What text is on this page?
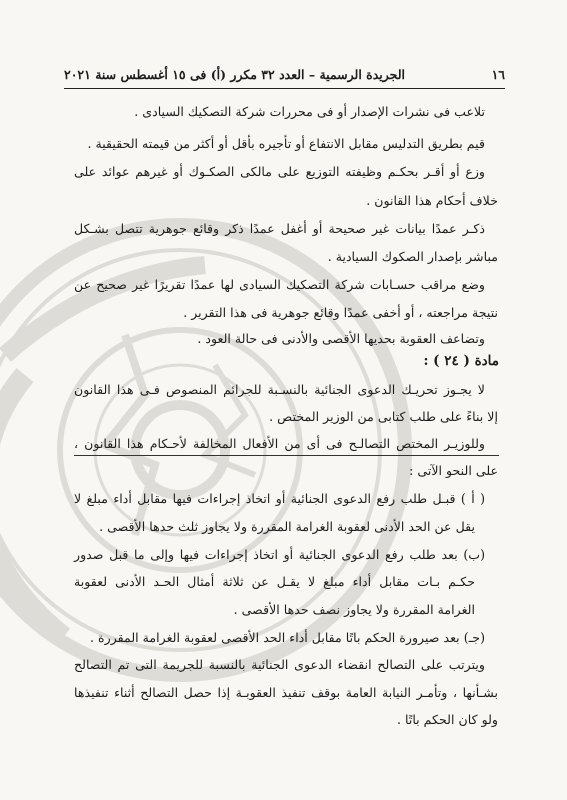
١٦
الجريدة الرسمية – العدد ٣٢ مكرر (أ) فى ١٥ أغسطس سنة ٢٠٢١
تلاعب فى نشرات الإصدار أو فى محررات شركة التصكيك السيادى .
قيم بطريق التدليس مقابل الانتفاع أو تأجيره بأقل أو أكثر من قيمته الحقيقية .
وزع أو أقـر بحكـم وظيفته التوزيع على مالكى الصكـوك أو غيرهم عوائد على
خلاف أحكام هذا القانون .
ذكـر عمدًا بيانات غير صحيحة أو أغفل عمدًا ذكر وقائع جوهرية تتصل بشـكل
مباشر بإصدار الصكوك السيادية .
وضع مراقب حسـابات شركة التصكيك السيادى لها عمدًا تقريرًا غير صحيح عن
نتيجة مراجعته ، أو أخفى عمدًا وقائع جوهرية فى هذا التقرير .
وتضاعف العقوبة بحديها الأقصى والأدنى فى حالة العود .
مادة ( ٢٤ ) :
لا يجـوز تحريـك الدعوى الجنائية بالنسـبة للجرائم المنصوص فـى هذا القانون
إلا بناءً على طلب كتابى من الوزير المختص .
وللوزيـر المختص التصالـح فى أى من الأفعال المخالفة لأحـكام هذا القانون ،
على النحو الآتى :
( أ ) قبـل طلب رفع الدعوى الجنائية أو اتخاذ إجراءات فيها مقابل أداء مبلغ لا
يقل عن الحد الأدنى لعقوبة الغرامة المقررة ولا يجاوز ثلث حدها الأقصى .
(ب) بعد طلب رفع الدعوى الجنائية أو اتخاذ إجراءات فيها وإلى ما قبل صدور
حكـم بـات مقابل أداء مبلغ لا يقـل عن ثلاثة أمثال الحـد الأدنى لعقوبة
الغرامة المقررة ولا يجاوز نصف حدها الأقصى .
(جـ) بعد صيرورة الحكم باتًا مقابل أداء الحد الأقصى لعقوبة الغرامة المقررة .
ويترتب على التصالح انقضاء الدعوى الجنائية بالنسبة للجريمة التى تم التصالح
بشـأنها ، وتأمـر النيابة العامة بوقف تنفيذ العقوبـة إذا حصل التصالح أثناء تنفيذها
ولو كان الحكم باتًا .
